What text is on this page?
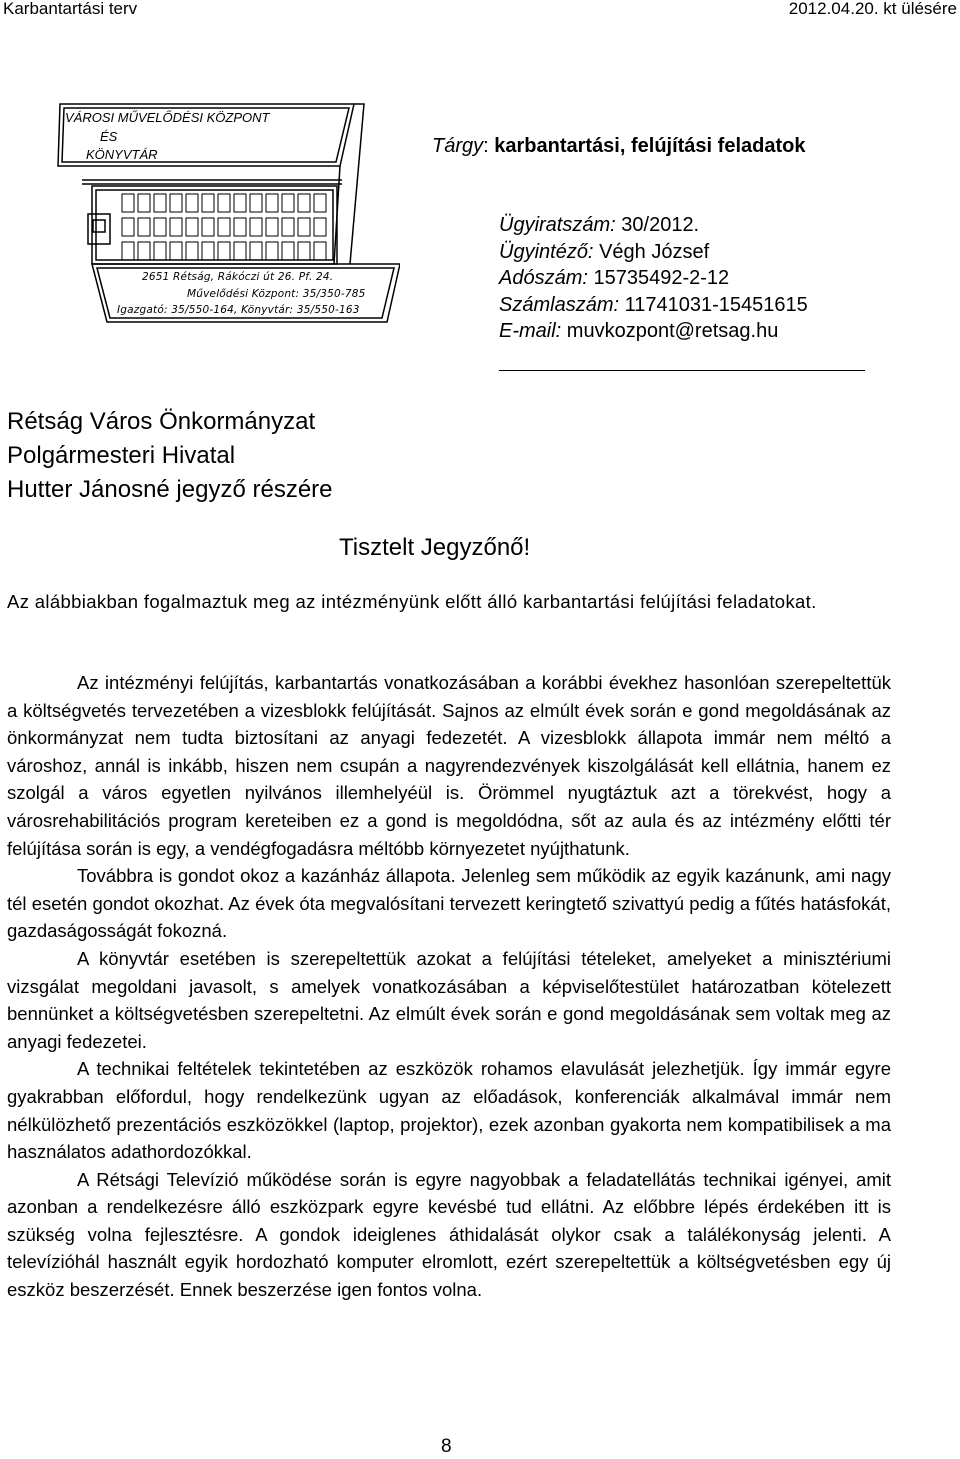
Karbantartási terv	2012.04.20. kt ülésére
VÁROSI MŰVELŐDÉSI KÖZPONT
ÉS
KÖNYVTÁR
2651 Rétság, Rákóczi út 26. Pf. 24.
Művelődési Központ: 35/350-785
Igazgató: 35/550-164, Könyvtár: 35/550-163
Tárgy: karbantartási, felújítási feladatok
Ügyiratszám: 30/2012.
Ügyintéző: Végh József
Adószám: 15735492-2-12
Számlaszám: 11741031-15451615
E-mail: muvkozpont@retsag.hu
Rétság Város Önkormányzat
Polgármesteri Hivatal
Hutter Jánosné jegyző részére
Tisztelt Jegyzőnő!
Az alábbiakban fogalmaztuk meg az intézményünk előtt álló karbantartási felújítási feladatokat.

Az intézményi felújítás, karbantartás vonatkozásában a korábbi évekhez hasonlóan szerepeltettük a költségvetés tervezetében a vizesblokk felújítását. Sajnos az elmúlt évek során e gond megoldásának az önkormányzat nem tudta biztosítani az anyagi fedezetét. A vizesblokk állapota immár nem méltó a városhoz, annál is inkább, hiszen nem csupán a nagyrendezvények kiszolgálását kell ellátnia, hanem ez szolgál a város egyetlen nyilvános illemhelyéül is. Örömmel nyugtáztuk azt a törekvést, hogy a városrehabilitációs program kereteiben ez a gond is megoldódna, sőt az aula és az intézmény előtti tér felújítása során is egy, a vendégfogadásra méltóbb környezetet nyújthatunk.

Továbbra is gondot okoz a kazánház állapota. Jelenleg sem működik az egyik kazánunk, ami nagy tél esetén gondot okozhat. Az évek óta megvalósítani tervezett keringtető szivattyú pedig a fűtés hatásfokát, gazdaságosságát fokozná.

A könyvtár esetében is szerepeltettük azokat a felújítási tételeket, amelyeket a minisztériumi vizsgálat megoldani javasolt, s amelyek vonatkozásában a képviselőtestület határozatban kötelezett bennünket a költségvetésben szerepeltetni. Az elmúlt évek során e gond megoldásának sem voltak meg az anyagi fedezetei.

A technikai feltételek tekintetében az eszközök rohamos elavulását jelezhetjük. Így immár egyre gyakrabban előfordul, hogy rendelkezünk ugyan az előadások, konferenciák alkalmával immár nem nélkülözhető prezentációs eszközökkel (laptop, projektor), ezek azonban gyakorta nem kompatibilisek a ma használatos adathordozókkal.

A Rétsági Televízió működése során is egyre nagyobbak a feladatellátás technikai igényei, amit azonban a rendelkezésre álló eszközpark egyre kevésbé tud ellátni. Az előbbre lépés érdekében itt is szükség volna fejlesztésre. A gondok ideiglenes áthidalását olykor csak a találékonyság jelenti. A televízióhál használt egyik hordozható komputer elromlott, ezért szerepeltettük a költségvetésben egy új eszköz beszerzését. Ennek beszerzése igen fontos volna.

8
